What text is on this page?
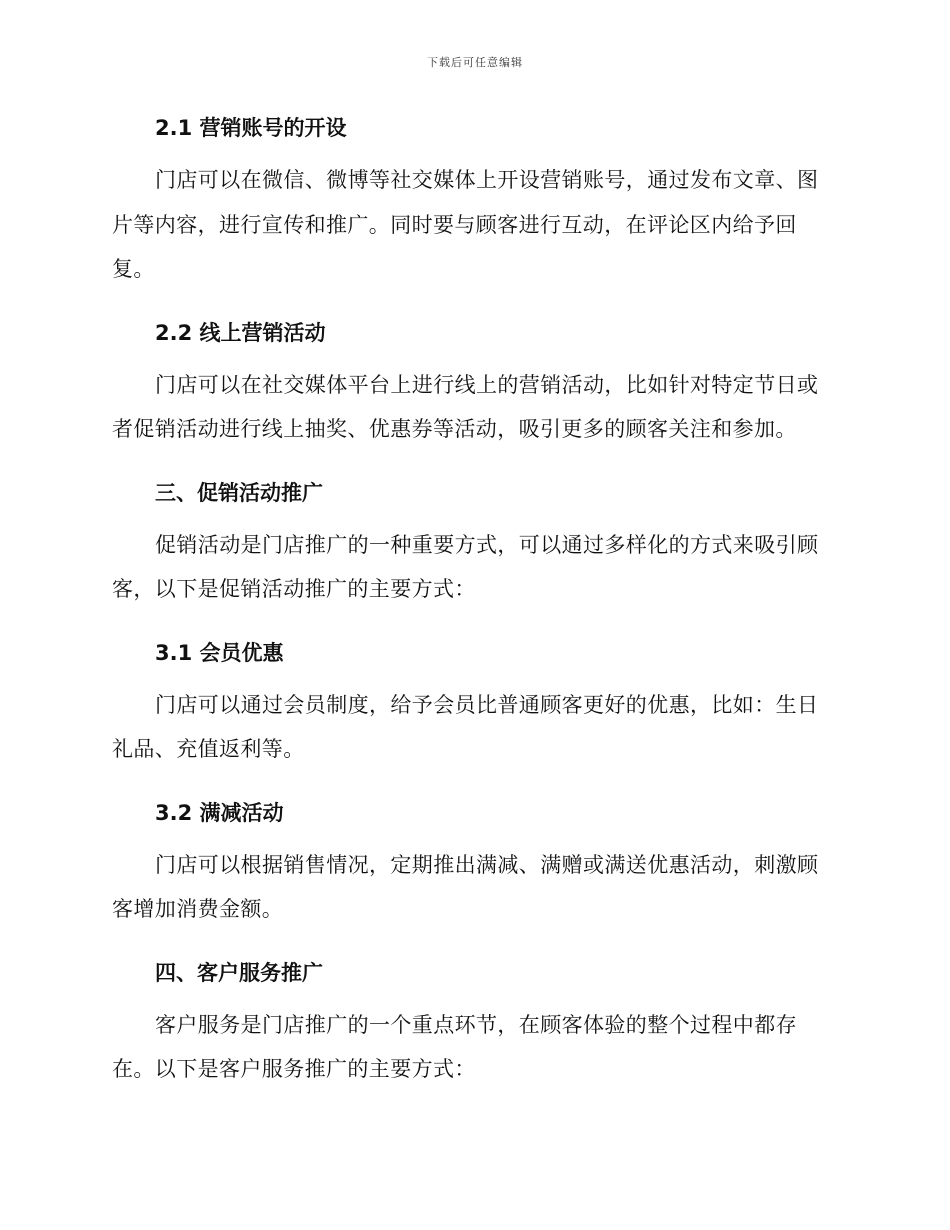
下载后可任意编辑
2.1 营销账号的开设
门店可以在微信、微博等社交媒体上开设营销账号，通过发布文章、图片等内容，进行宣传和推广。同时要与顾客进行互动，在评论区内给予回复。
2.2 线上营销活动
门店可以在社交媒体平台上进行线上的营销活动，比如针对特定节日或者促销活动进行线上抽奖、优惠券等活动，吸引更多的顾客关注和参加。
三、促销活动推广
促销活动是门店推广的一种重要方式，可以通过多样化的方式来吸引顾客，以下是促销活动推广的主要方式：
3.1 会员优惠
门店可以通过会员制度，给予会员比普通顾客更好的优惠，比如：生日礼品、充值返利等。
3.2 满减活动
门店可以根据销售情况，定期推出满减、满赠或满送优惠活动，刺激顾客增加消费金额。
四、客户服务推广
客户服务是门店推广的一个重点环节，在顾客体验的整个过程中都存在。以下是客户服务推广的主要方式：
